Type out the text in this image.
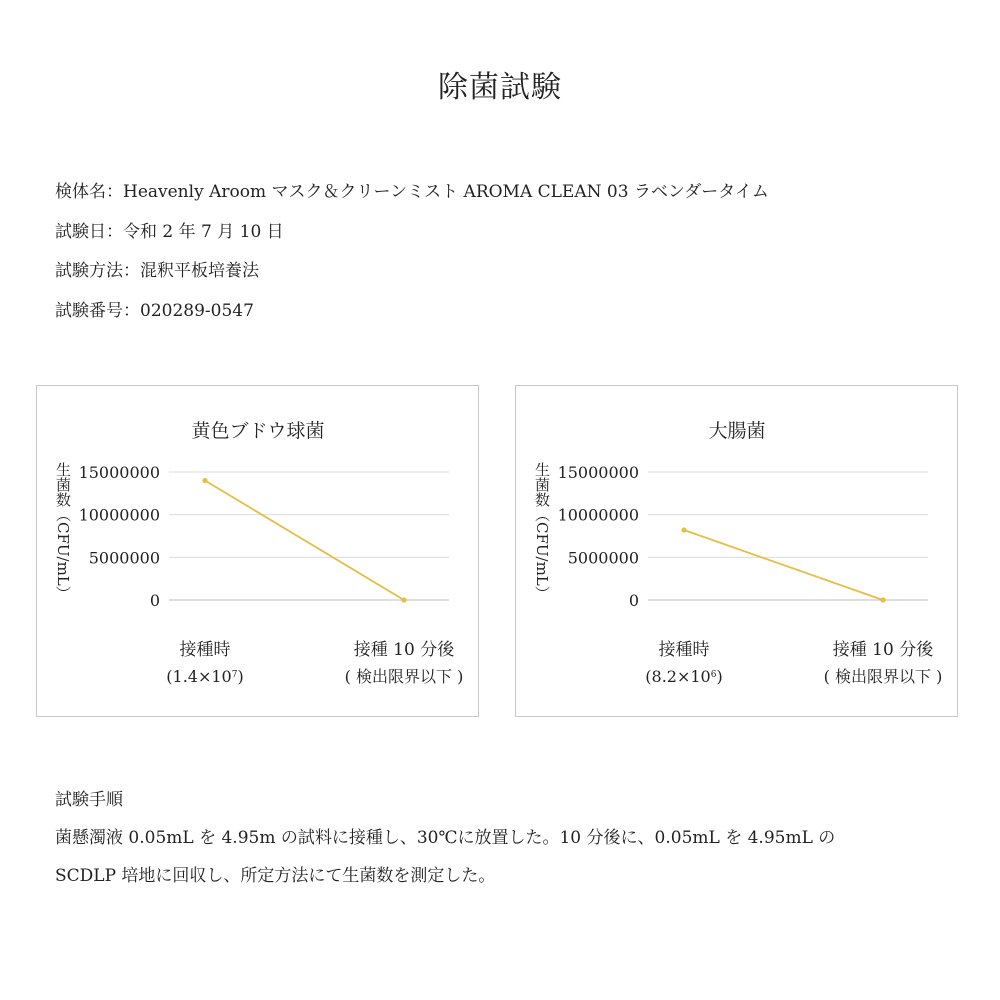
除菌試験
検体名：Heavenly Aroom マスク＆クリーンミスト AROMA CLEAN 03 ラベンダータイム
試験日：令和 2 年 7 月 10 日
試験方法：混釈平板培養法
試験番号：020289-0547
黄色ブドウ球菌
生菌数（CFU/mL）	0
5000000
10000000
15000000
接種時
$(1.4\times 10^7)$
接種 10 分後
( 検出限界以下 )
大腸菌
生菌数（CFU/mL）	0
5000000
10000000
15000000
接種時
$(8.2\times 10^6)$
接種 10 分後
( 検出限界以下 )
試験手順
菌懸濁液 0.05mL を 4.95m の試料に接種し、30℃に放置した。10 分後に、0.05mL を 4.95mL の
SCDLP 培地に回収し、所定方法にて生菌数を測定した。
